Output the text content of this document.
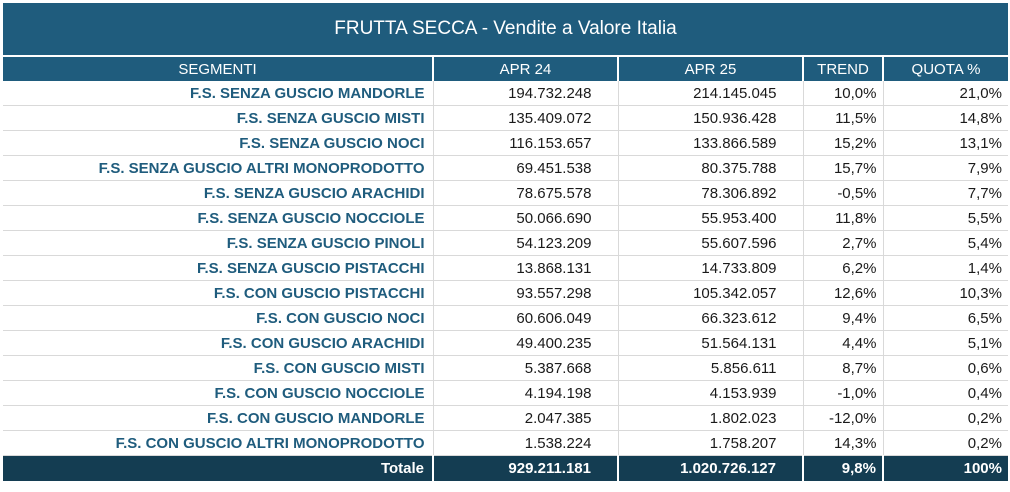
FRUTTA SECCA - Vendite a Valore Italia
SEGMENTI	APR 24	APR 25	TREND	QUOTA %
F.S. SENZA GUSCIO MANDORLE	194.732.248	214.145.045	10,0%	21,0%
F.S. SENZA GUSCIO MISTI	135.409.072	150.936.428	11,5%	14,8%
F.S. SENZA GUSCIO NOCI	116.153.657	133.866.589	15,2%	13,1%
F.S. SENZA GUSCIO ALTRI MONOPRODOTTO	69.451.538	80.375.788	15,7%	7,9%
F.S. SENZA GUSCIO ARACHIDI	78.675.578	78.306.892	-0,5%	7,7%
F.S. SENZA GUSCIO NOCCIOLE	50.066.690	55.953.400	11,8%	5,5%
F.S. SENZA GUSCIO PINOLI	54.123.209	55.607.596	2,7%	5,4%
F.S. SENZA GUSCIO PISTACCHI	13.868.131	14.733.809	6,2%	1,4%
F.S. CON GUSCIO PISTACCHI	93.557.298	105.342.057	12,6%	10,3%
F.S. CON GUSCIO NOCI	60.606.049	66.323.612	9,4%	6,5%
F.S. CON GUSCIO ARACHIDI	49.400.235	51.564.131	4,4%	5,1%
F.S. CON GUSCIO MISTI	5.387.668	5.856.611	8,7%	0,6%
F.S. CON GUSCIO NOCCIOLE	4.194.198	4.153.939	-1,0%	0,4%
F.S. CON GUSCIO MANDORLE	2.047.385	1.802.023	-12,0%	0,2%
F.S. CON GUSCIO ALTRI MONOPRODOTTO	1.538.224	1.758.207	14,3%	0,2%
Totale	929.211.181	1.020.726.127	9,8%	100%
